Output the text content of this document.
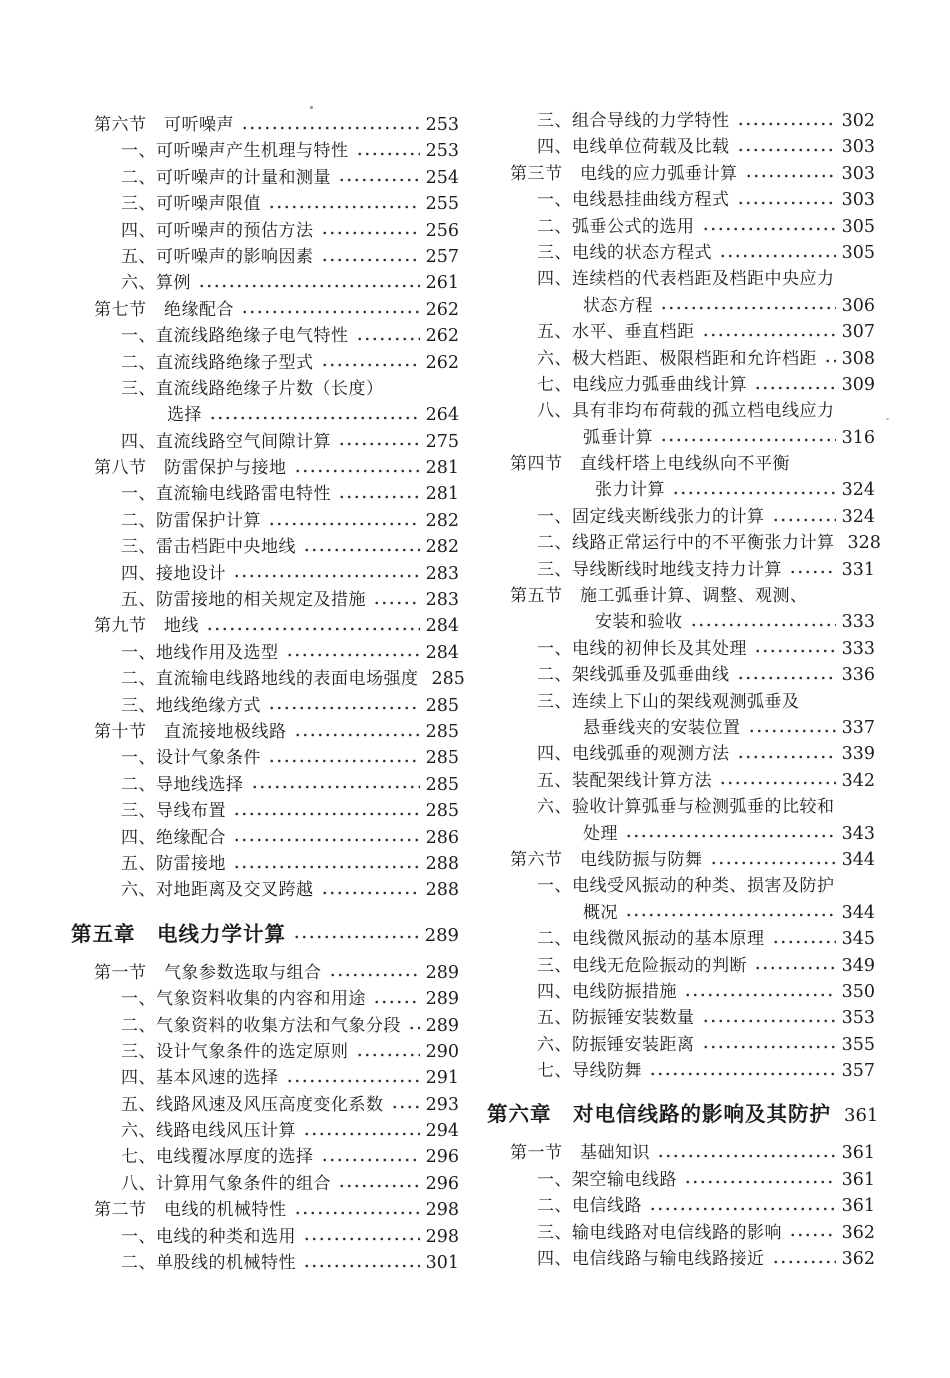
第六节　可听噪声	253
一、可听噪声产生机理与特性	253
二、可听噪声的计量和测量	254
三、可听噪声限值	255
四、可听噪声的预估方法	256
五、可听噪声的影响因素	257
六、算例	261
第七节　绝缘配合	262
一、直流线路绝缘子电气特性	262
二、直流线路绝缘子型式	262
三、直流线路绝缘子片数（长度）
选择	264
四、直流线路空气间隙计算	275
第八节　防雷保护与接地	281
一、直流输电线路雷电特性	281
二、防雷保护计算	282
三、雷击档距中央地线	282
四、接地设计	283
五、防雷接地的相关规定及措施	283
第九节　地线	284
一、地线作用及选型	284
二、直流输电线路地线的表面电场强度 285
三、地线绝缘方式	285
第十节　直流接地极线路	285
一、设计气象条件	285
二、导地线选择	285
三、导线布置	285
四、绝缘配合	286
五、防雷接地	288
六、对地距离及交叉跨越	288
第五章　电线力学计算	289
第一节　气象参数选取与组合	289
一、气象资料收集的内容和用途	289
二、气象资料的收集方法和气象分段 289
三、设计气象条件的选定原则	290
四、基本风速的选择	291
五、线路风速及风压高度变化系数 293
六、线路电线风压计算	294
七、电线覆冰厚度的选择	296
八、计算用气象条件的组合	296
第二节　电线的机械特性	298
一、电线的种类和选用	298
二、单股线的机械特性	301
三、组合导线的力学特性	302
四、电线单位荷载及比载	303
第三节　电线的应力弧垂计算	303
一、电线悬挂曲线方程式	303
二、弧垂公式的选用	305
三、电线的状态方程式	305
四、连续档的代表档距及档距中央应力
状态方程	306
五、水平、垂直档距	307
六、极大档距、极限档距和允许档距 308
七、电线应力弧垂曲线计算	309
八、具有非均布荷载的孤立档电线应力
弧垂计算	316
第四节　直线杆塔上电线纵向不平衡
张力计算	324
一、固定线夹断线张力的计算	324
二、线路正常运行中的不平衡张力计算 328
三、导线断线时地线支持力计算	331
第五节　施工弧垂计算、调整、观测、
安装和验收	333
一、电线的初伸长及其处理	333
二、架线弧垂及弧垂曲线	336
三、连续上下山的架线观测弧垂及
悬垂线夹的安装位置	337
四、电线弧垂的观测方法	339
五、装配架线计算方法	342
六、验收计算弧垂与检测弧垂的比较和
处理	343
第六节　电线防振与防舞	344
一、电线受风振动的种类、损害及防护
概况	344
二、电线微风振动的基本原理	345
三、电线无危险振动的判断	349
四、电线防振措施	350
五、防振锤安装数量	353
六、防振锤安装距离	355
七、导线防舞	357
第六章　对电信线路的影响及其防护 361
第一节　基础知识	361
一、架空输电线路	361
二、电信线路	361
三、输电线路对电信线路的影响	362
四、电信线路与输电线路接近	362
